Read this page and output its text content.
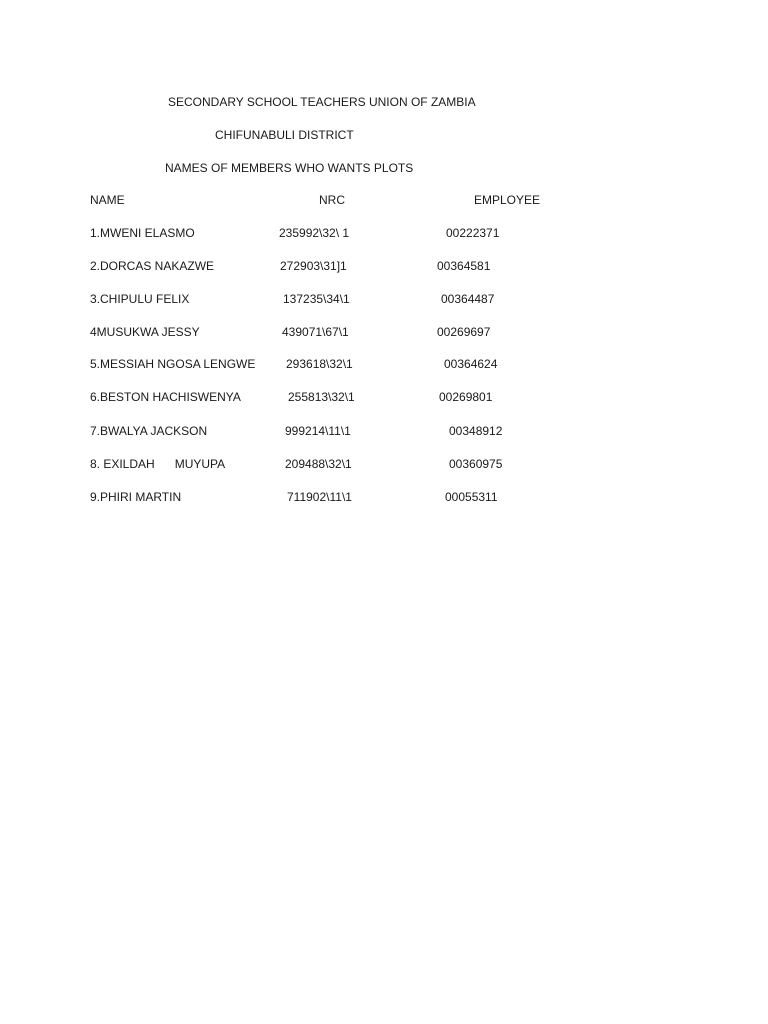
SECONDARY SCHOOL TEACHERS UNION OF ZAMBIA
CHIFUNABULI DISTRICT
NAMES OF MEMBERS WHO WANTS PLOTS
NAME	NRC	EMPLOYEE
1.MWENI ELASMO	235992\32\ 1	00222371
2.DORCAS NAKAZWE	272903\31]1	00364581
3.CHIPULU FELIX	137235\34\1	00364487
4MUSUKWA JESSY	439071\67\1	00269697
5.MESSIAH NGOSA LENGWE	293618\32\1	00364624
6.BESTON HACHISWENYA	255813\32\1	00269801
7.BWALYA JACKSON	999214\11\1	00348912
8. EXILDAH      MUYUPA	209488\32\1	00360975
9.PHIRI MARTIN	711902\11\1	00055311
